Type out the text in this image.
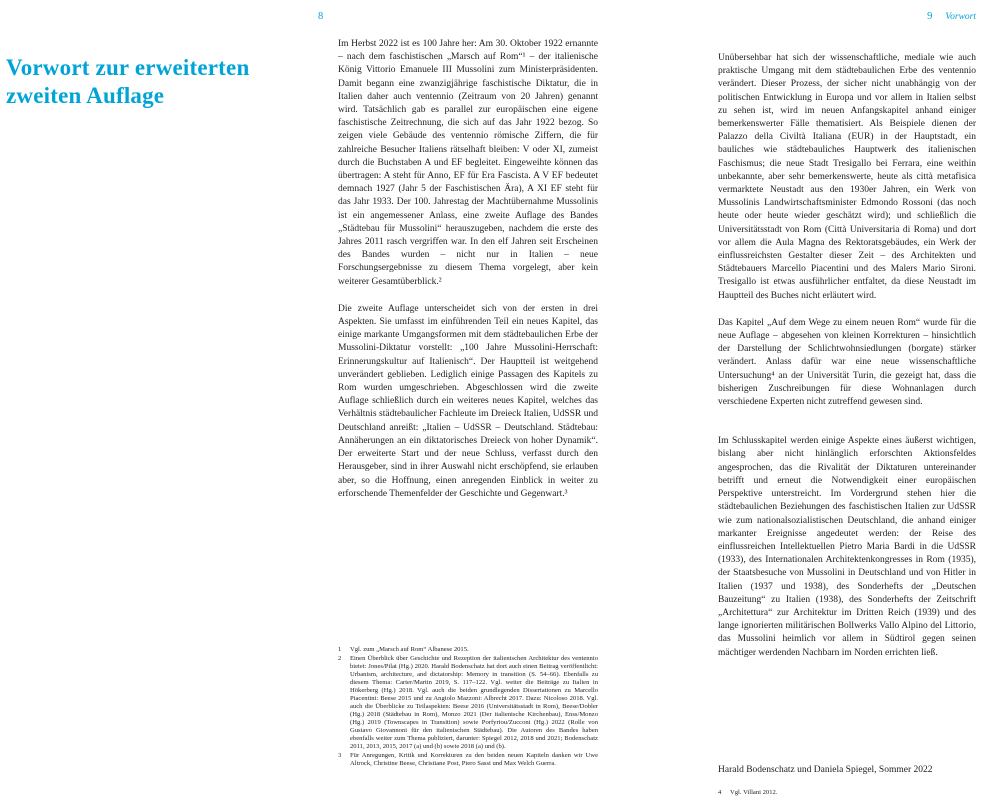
8
Vorwort zur erweiterten zweiten Auflage

Im Herbst 2022 ist es 100 Jahre her: Am 30. Oktober 1922 ernannte – nach dem faschistischen „Marsch auf Rom“¹ – der italienische König Vittorio Emanuele III Mussolini zum Ministerpräsidenten. Damit begann eine zwanzigjährige faschistische Diktatur, die in Italien daher auch ventennio (Zeitraum von 20 Jahren) genannt wird. Tatsächlich gab es parallel zur europäischen eine eigene faschistische Zeitrechnung, die sich auf das Jahr 1922 bezog. So zeigen viele Gebäude des ventennio römische Ziffern, die für zahlreiche Besucher Italiens rätselhaft bleiben: V oder XI, zumeist durch die Buchstaben A und EF begleitet. Eingeweihte können das übertragen: A steht für Anno, EF für Era Fascista. A V EF bedeutet demnach 1927 (Jahr 5 der Faschistischen Ära), A XI EF steht für das Jahr 1933. Der 100. Jahrestag der Machtübernahme Mussolinis ist ein angemessener Anlass, eine zweite Auflage des Bandes „Städtebau für Mussolini“ herauszugeben, nachdem die erste des Jahres 2011 rasch vergriffen war. In den elf Jahren seit Erscheinen des Bandes wurden – nicht nur in Italien – neue Forschungsergebnisse zu diesem Thema vorgelegt, aber kein weiterer Gesamtüberblick.²

Die zweite Auflage unterscheidet sich von der ersten in drei Aspekten. Sie umfasst im einführenden Teil ein neues Kapitel, das einige markante Umgangsformen mit dem städtebaulichen Erbe der Mussolini-Diktatur vorstellt: „100 Jahre Mussolini-Herrschaft: Erinnerungskultur auf Italienisch“. Der Hauptteil ist weitgehend unverändert geblieben. Lediglich einige Passagen des Kapitels zu Rom wurden umgeschrieben. Abgeschlossen wird die zweite Auflage schließlich durch ein weiteres neues Kapitel, welches das Verhältnis städtebaulicher Fachleute im Dreieck Italien, UdSSR und Deutschland anreißt: „Italien – UdSSR – Deutschland. Städtebau: Annäherungen an ein diktatorisches Dreieck von hoher Dynamik“. Der erweiterte Start und der neue Schluss, verfasst durch den Herausgeber, sind in ihrer Auswahl nicht erschöpfend, sie erlauben aber, so die Hoffnung, einen anregenden Einblick in weiter zu erforschende Themenfelder der Geschichte und Gegenwart.³

1	Vgl. zum „Marsch auf Rom“ Albanese 2015.
2	Einen Überblick über Geschichte und Rezeption der italienischen Architektur des ventennio bietet: Jones/Pilat (Hg.) 2020. Harald Bodenschatz hat dort auch einen Beitrag veröffentlicht: Urbanism, architecture, and dictatorship: Memory in transition (S. 54–66). Ebenfalls zu diesem Thema: Carter/Martin 2019, S. 117–122. Vgl. weiter die Beiträge zu Italien in Hökerberg (Hg.) 2018. Vgl. auch die beiden grundlegenden Dissertationen zu Marcello Piacentini: Beese 2015 und zu Angiolo Mazzoni: Albrecht 2017. Dazu: Nicoloso 2018. Vgl. auch die Überblicke zu Teilaspekten: Beese 2016 (Universitätsstadt in Rom), Beese/Dobler (Hg.) 2018 (Städtebau in Rom), Monzo 2021 (Der italienische Kirchenbau), Enss/Monzo (Hg.) 2019 (Townscapes in Transition) sowie Porfyriou/Zucconi (Hg.) 2022 (Rolle von Gustavo Giovannoni für den italienischen Städtebau). Die Autoren des Bandes haben ebenfalls weiter zum Thema publiziert, darunter: Spiegel 2012, 2018 und 2021; Bodenschatz 2011, 2013, 2015, 2017 (a) und (b) sowie 2018 (a) und (b).
3	Für Anregungen, Kritik und Korrekturen zu den beiden neuen Kapiteln danken wir Uwe Altrock, Christine Beese, Christiane Post, Piero Sassi und Max Welch Guerra.
9 Vorwort

Unübersehbar hat sich der wissenschaftliche, mediale wie auch praktische Umgang mit dem städtebaulichen Erbe des ventennio verändert. Dieser Prozess, der sicher nicht unabhängig von der politischen Entwicklung in Europa und vor allem in Italien selbst zu sehen ist, wird im neuen Anfangskapitel anhand einiger bemerkenswerter Fälle thematisiert. Als Beispiele dienen der Palazzo della Civiltà Italiana (EUR) in der Hauptstadt, ein bauliches wie städtebauliches Hauptwerk des italienischen Faschismus; die neue Stadt Tresigallo bei Ferrara, eine weithin unbekannte, aber sehr bemerkenswerte, heute als città metafisica vermarktete Neustadt aus den 1930er Jahren, ein Werk von Mussolinis Landwirtschaftsminister Edmondo Rossoni (das noch heute oder heute wieder geschätzt wird); und schließlich die Universitätsstadt von Rom (Città Universitaria di Roma) und dort vor allem die Aula Magna des Rektoratsgebäudes, ein Werk der einflussreichsten Gestalter dieser Zeit – des Architekten und Städtebauers Marcello Piacentini und des Malers Mario Sironi. Tresigallo ist etwas ausführlicher entfaltet, da diese Neustadt im Hauptteil des Buches nicht erläutert wird.

Das Kapitel „Auf dem Wege zu einem neuen Rom“ wurde für die neue Auflage – abgesehen von kleinen Korrekturen – hinsichtlich der Darstellung der Schlichtwohnsiedlungen (borgate) stärker verändert. Anlass dafür war eine neue wissenschaftliche Untersuchung⁴ an der Universität Turin, die gezeigt hat, dass die bisherigen Zuschreibungen für diese Wohnanlagen durch verschiedene Experten nicht zutreffend gewesen sind.

Im Schlusskapitel werden einige Aspekte eines äußerst wichtigen, bislang aber nicht hinlänglich erforschten Aktionsfeldes angesprochen, das die Rivalität der Diktaturen untereinander betrifft und erneut die Notwendigkeit einer europäischen Perspektive unterstreicht. Im Vordergrund stehen hier die städtebaulichen Beziehungen des faschistischen Italien zur UdSSR wie zum nationalsozialistischen Deutschland, die anhand einiger markanter Ereignisse angedeutet werden: der Reise des einflussreichen Intellektuellen Pietro Maria Bardi in die UdSSR (1933), des Internationalen Architektenkongresses in Rom (1935), der Staatsbesuche von Mussolini in Deutschland und von Hitler in Italien (1937 und 1938), des Sonderhefts der „Deutschen Bauzeitung“ zu Italien (1938), des Sonderhefts der Zeitschrift „Architettura“ zur Architektur im Dritten Reich (1939) und des lange ignorierten militärischen Bollwerks Vallo Alpino del Littorio, das Mussolini heimlich vor allem in Südtirol gegen seinen mächtiger werdenden Nachbarn im Norden errichten ließ.

Harald Bodenschatz und Daniela Spiegel, Sommer 2022
4	Vgl. Villani 2012.
